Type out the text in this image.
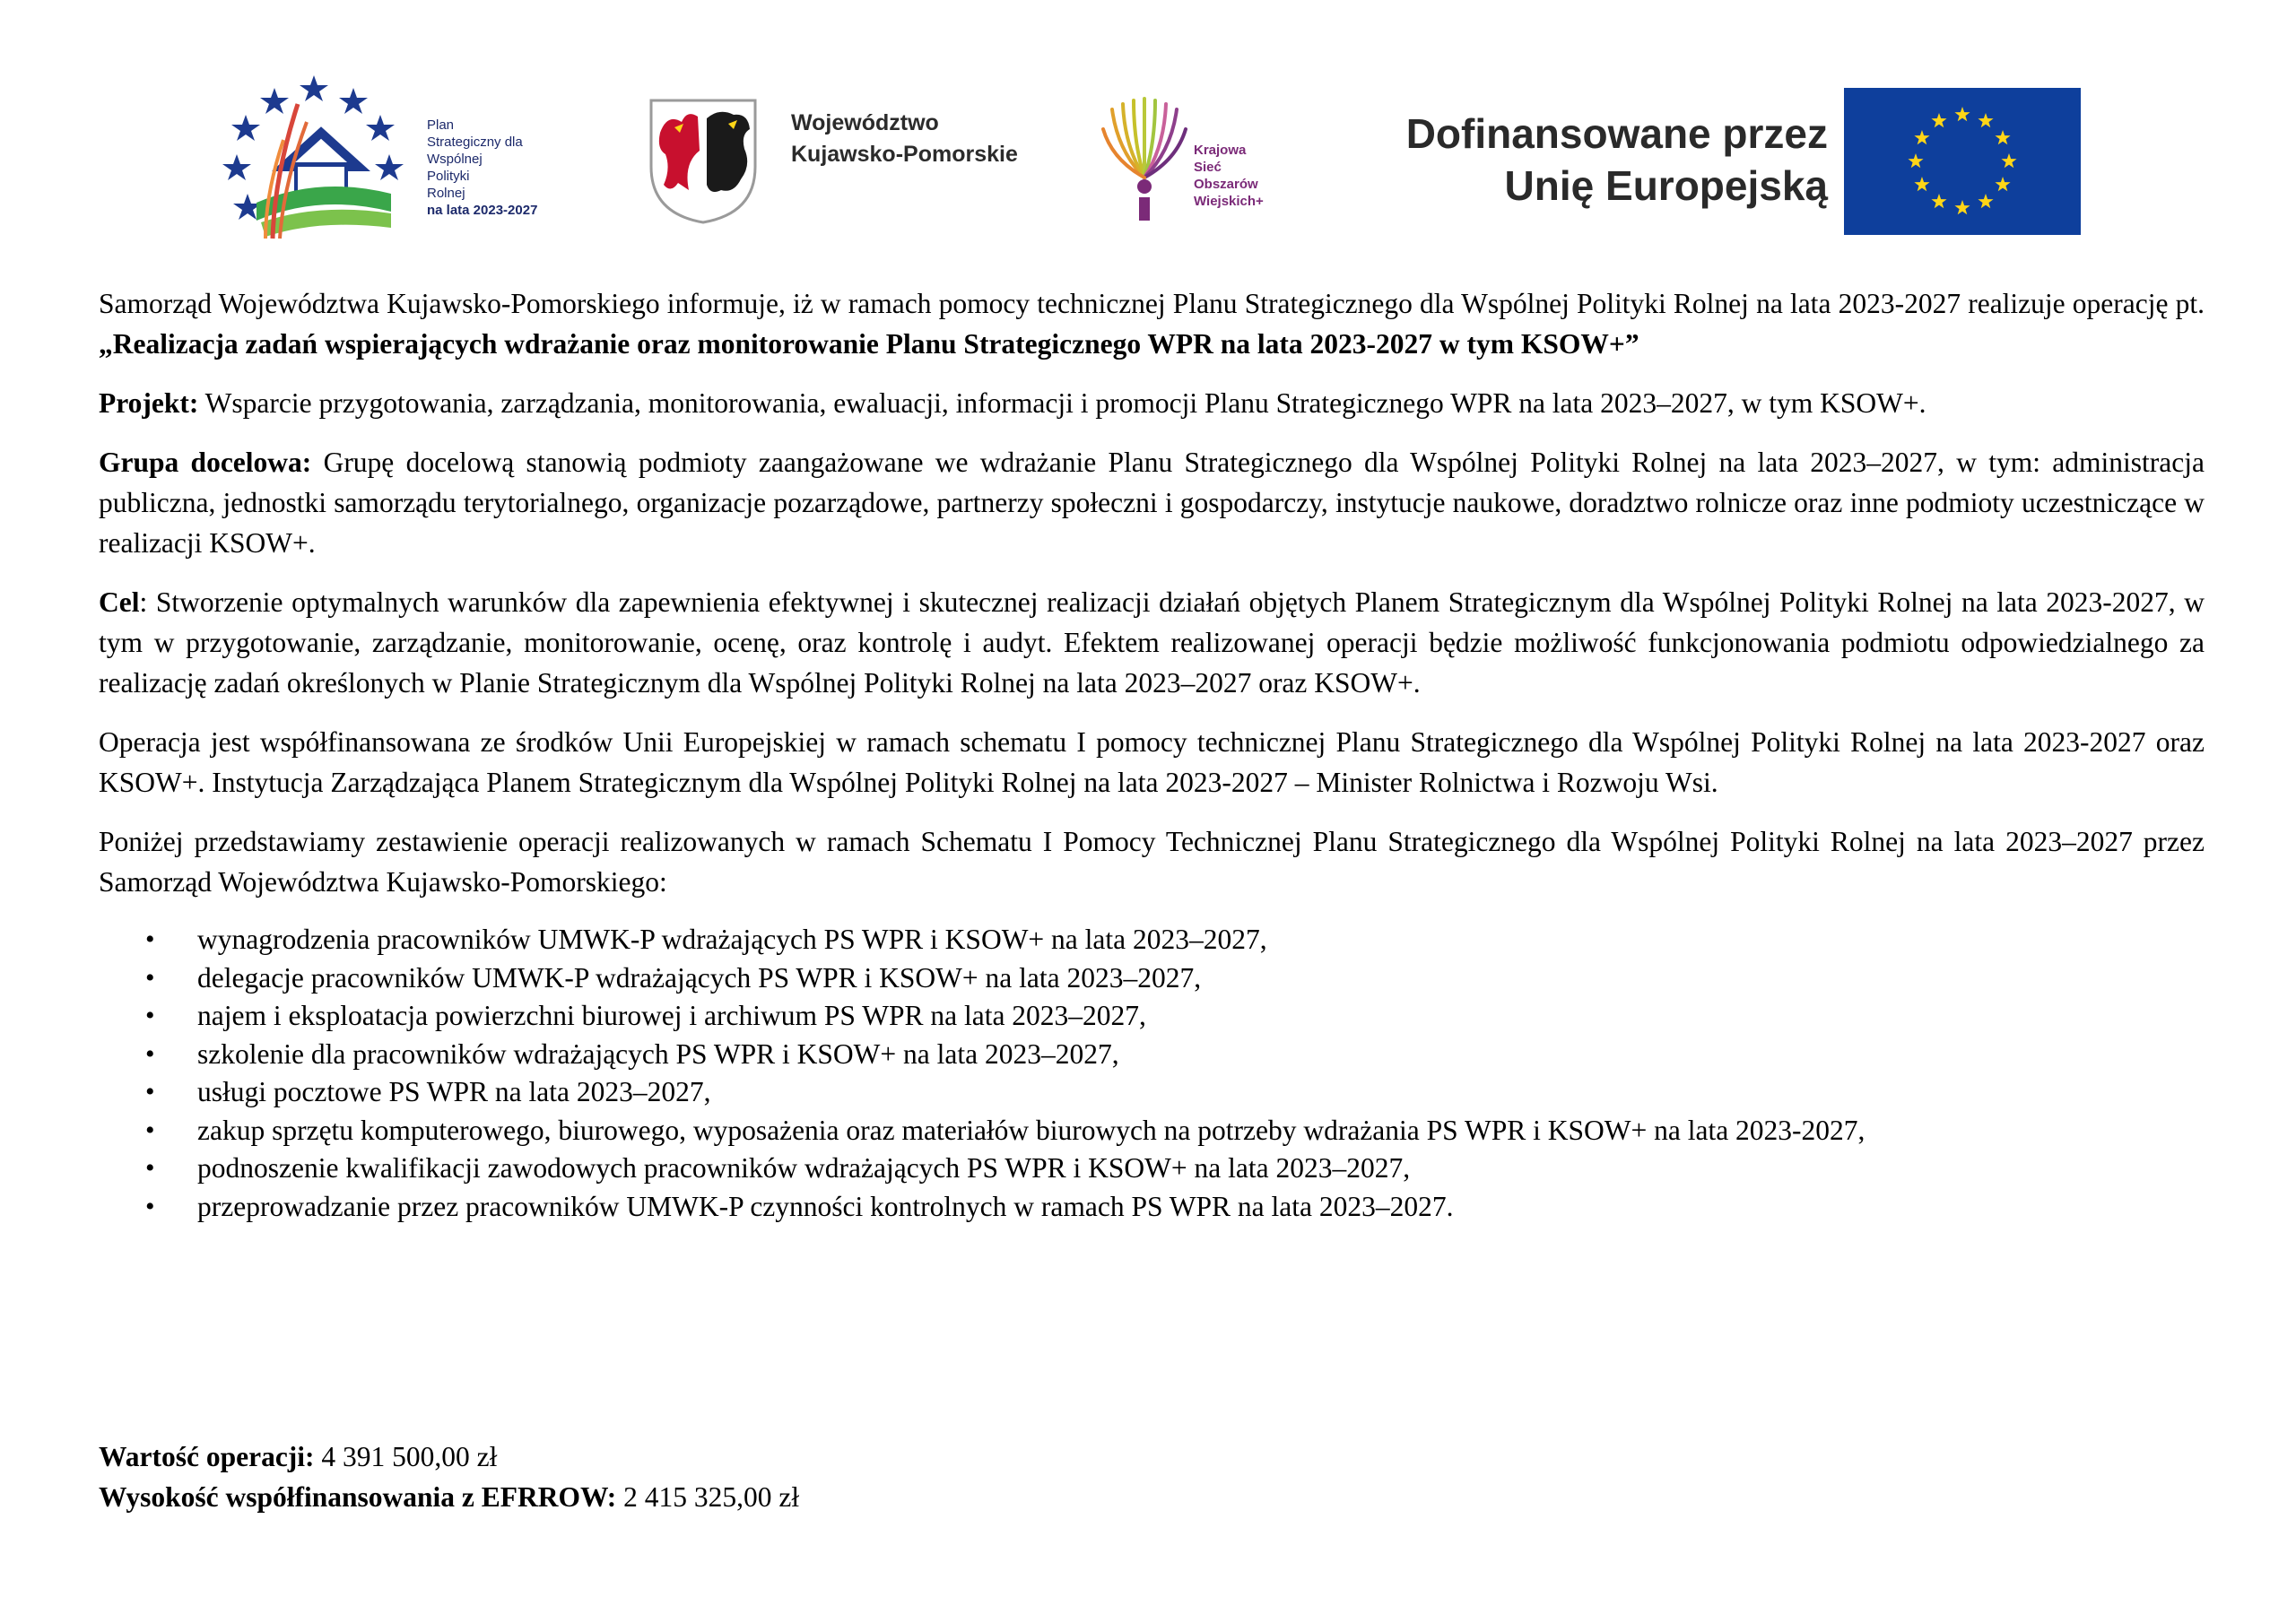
Plan
Strategiczny dla
Wspólnej
Polityki
Rolnej
na lata 2023-2027
Województwo
Kujawsko-Pomorskie	Krajowa
Sieć
Obszarów
Wiejskich+
Dofinansowane przez
Unię Europejską

Samorząd Województwa Kujawsko-Pomorskiego informuje, iż w ramach pomocy technicznej Planu Strategicznego dla Wspólnej Polityki Rolnej na lata 2023-2027 realizuje operację pt. „Realizacja zadań wspierających wdrażanie oraz monitorowanie Planu Strategicznego WPR na lata 2023-2027 w tym KSOW+”

Projekt: Wsparcie przygotowania, zarządzania, monitorowania, ewaluacji, informacji i promocji Planu Strategicznego WPR na lata 2023–2027, w tym KSOW+.

Grupa docelowa: Grupę docelową stanowią podmioty zaangażowane we wdrażanie Planu Strategicznego dla Wspólnej Polityki Rolnej na lata 2023–2027, w tym: administracja publiczna, jednostki samorządu terytorialnego, organizacje pozarządowe, partnerzy społeczni i gospodarczy, instytucje naukowe, doradztwo rolnicze oraz inne podmioty uczestniczące w realizacji KSOW+.

Cel: Stworzenie optymalnych warunków dla zapewnienia efektywnej i skutecznej realizacji działań objętych Planem Strategicznym dla Wspólnej Polityki Rolnej na lata 2023-2027, w tym w przygotowanie, zarządzanie, monitorowanie, ocenę, oraz kontrolę i audyt. Efektem realizowanej operacji będzie możliwość funkcjonowania podmiotu odpowiedzialnego za realizację zadań określonych w Planie Strategicznym dla Wspólnej Polityki Rolnej na lata 2023–2027 oraz KSOW+.

Operacja jest współfinansowana ze środków Unii Europejskiej w ramach schematu I pomocy technicznej Planu Strategicznego dla Wspólnej Polityki Rolnej na lata 2023-2027 oraz KSOW+. Instytucja Zarządzająca Planem Strategicznym dla Wspólnej Polityki Rolnej na lata 2023-2027 – Minister Rolnictwa i Rozwoju Wsi.

Poniżej przedstawiamy zestawienie operacji realizowanych w ramach Schematu I Pomocy Technicznej Planu Strategicznego dla Wspólnej Polityki Rolnej na lata 2023–2027 przez Samorząd Województwa Kujawsko-Pomorskiego:

• wynagrodzenia pracowników UMWK-P wdrażających PS WPR i KSOW+ na lata 2023–2027,
• delegacje pracowników UMWK-P wdrażających PS WPR i KSOW+ na lata 2023–2027,
• najem i eksploatacja powierzchni biurowej i archiwum PS WPR na lata 2023–2027,
• szkolenie dla pracowników wdrażających PS WPR i KSOW+ na lata 2023–2027,
• usługi pocztowe PS WPR na lata 2023–2027,
• zakup sprzętu komputerowego, biurowego, wyposażenia oraz materiałów biurowych na potrzeby wdrażania PS WPR i KSOW+ na lata 2023-2027,
• podnoszenie kwalifikacji zawodowych pracowników wdrażających PS WPR i KSOW+ na lata 2023–2027,
• przeprowadzanie przez pracowników UMWK-P czynności kontrolnych w ramach PS WPR na lata 2023–2027.
Wartość operacji: 4 391 500,00 zł
Wysokość współfinansowania z EFRROW: 2 415 325,00 zł
